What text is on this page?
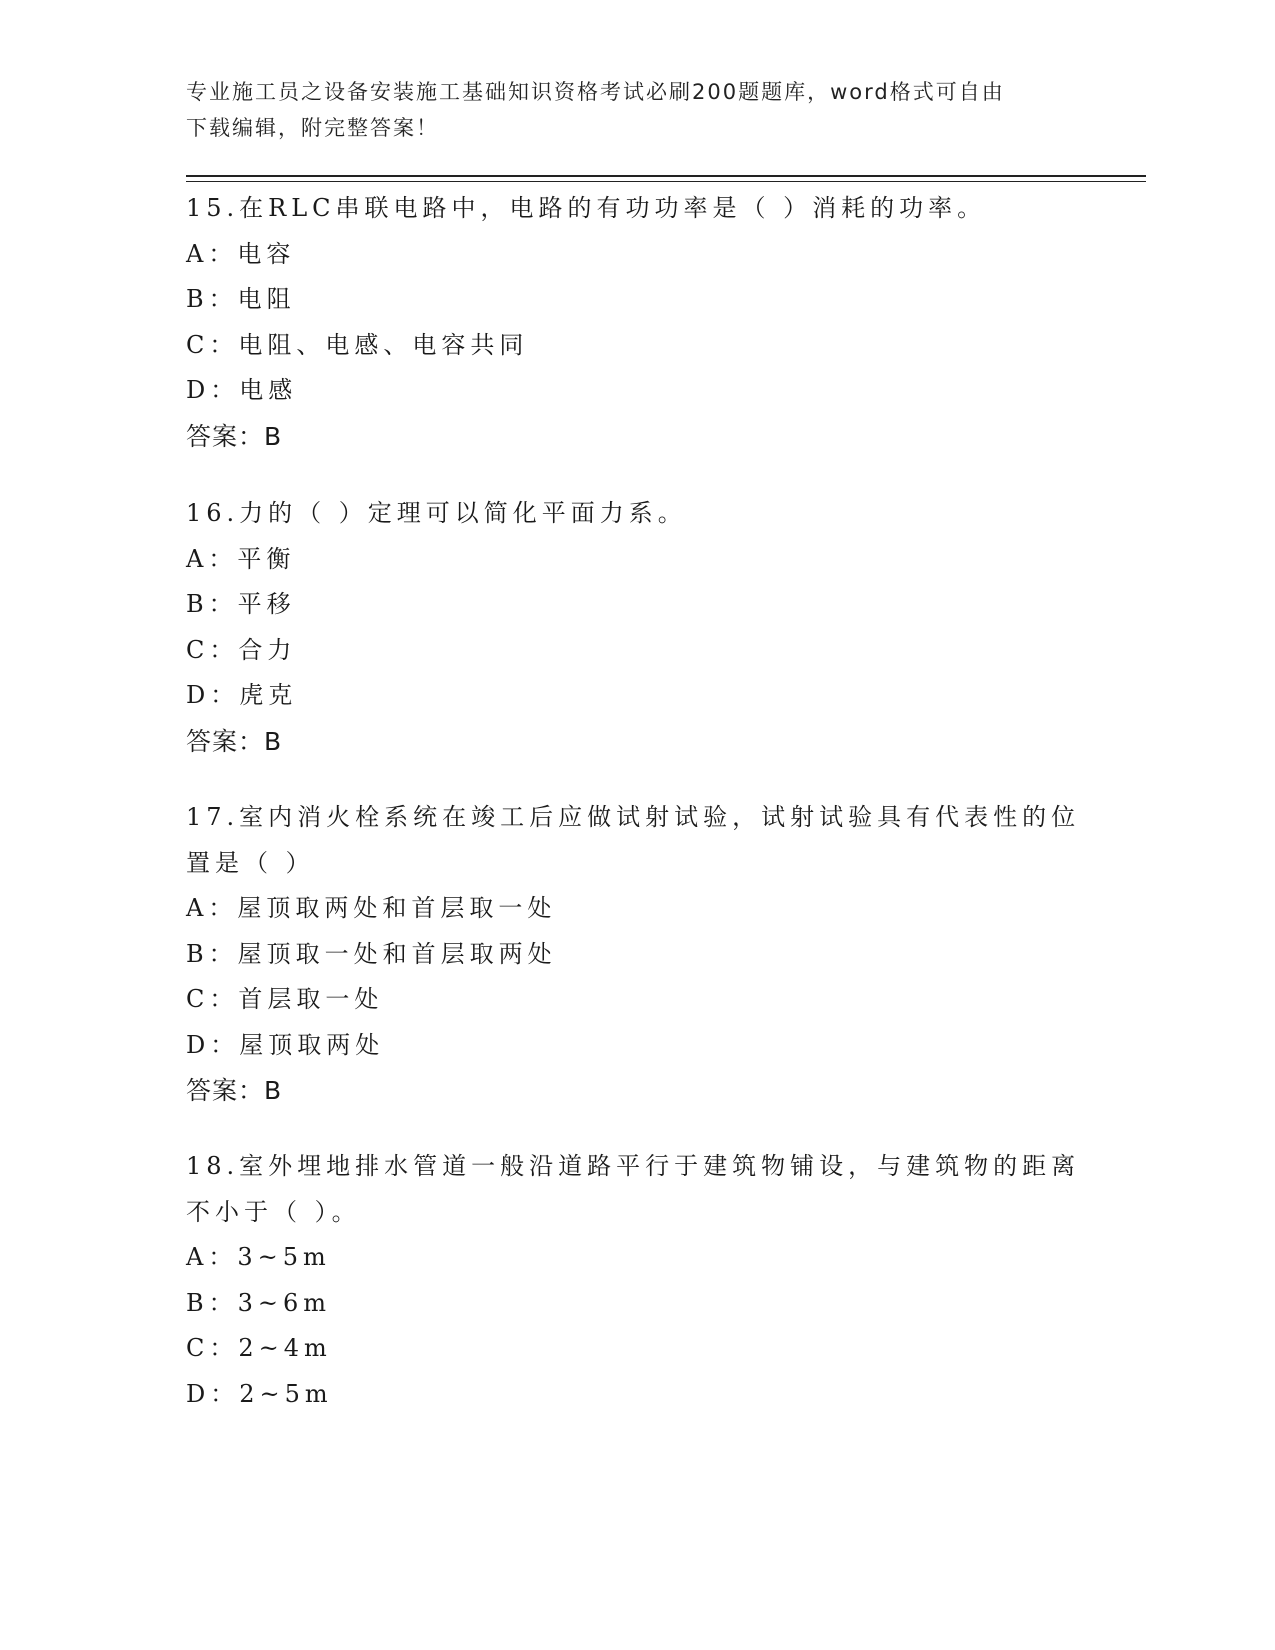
专业施工员之设备安装施工基础知识资格考试必刷200题题库，word格式可自由
下载编辑，附完整答案！
15.在RLC串联电路中，电路的有功功率是（ ）消耗的功率。
A：电容
B：电阻
C：电阻、电感、电容共同
D：电感
答案：B
16.力的（ ）定理可以简化平面力系。
A：平衡
B：平移
C：合力
D：虎克
答案：B
17.室内消火栓系统在竣工后应做试射试验，试射试验具有代表性的位置是（ ）
A：屋顶取两处和首层取一处
B：屋顶取一处和首层取两处
C：首层取一处
D：屋顶取两处
答案：B
18.室外埋地排水管道一般沿道路平行于建筑物铺设，与建筑物的距离不小于（ ）。
A：3~5m
B：3~6m
C：2~4m
D：2~5m
